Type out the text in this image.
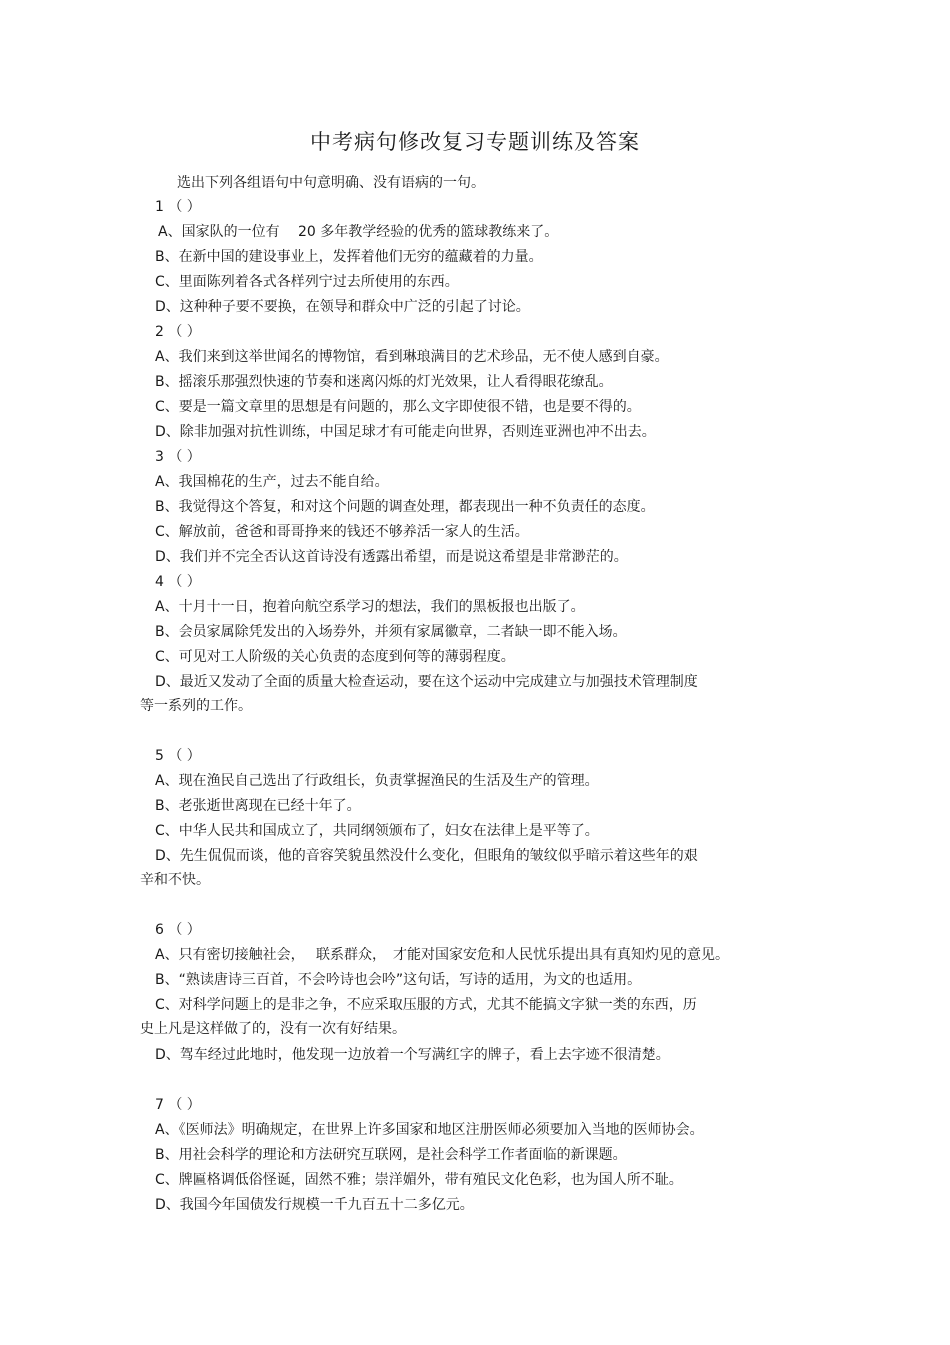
中考病句修改复习专题训练及答案
选出下列各组语句中句意明确、没有语病的一句。
1 （ ）
A、国家队的一位有　 20 多年教学经验的优秀的篮球教练来了。
B、在新中国的建设事业上，发挥着他们无穷的蕴藏着的力量。
C、里面陈列着各式各样列宁过去所使用的东西。
D、这种种子要不要换，在领导和群众中广泛的引起了讨论。
2 （ ）
A、我们来到这举世闻名的博物馆，看到琳琅满目的艺术珍品，无不使人感到自豪。
B、摇滚乐那强烈快速的节奏和迷离闪烁的灯光效果，让人看得眼花缭乱。
C、要是一篇文章里的思想是有问题的，那么文字即使很不错，也是要不得的。
D、除非加强对抗性训练，中国足球才有可能走向世界，否则连亚洲也冲不出去。
3 （ ）
A、我国棉花的生产，过去不能自给。
B、我觉得这个答复，和对这个问题的调查处理，都表现出一种不负责任的态度。
C、解放前，爸爸和哥哥挣来的钱还不够养活一家人的生活。
D、我们并不完全否认这首诗没有透露出希望，而是说这希望是非常渺茫的。
4 （ ）
A、十月十一日，抱着向航空系学习的想法，我们的黑板报也出版了。
B、会员家属除凭发出的入场券外，并须有家属徽章，二者缺一即不能入场。
C、可见对工人阶级的关心负责的态度到何等的薄弱程度。
D、最近又发动了全面的质量大检查运动，要在这个运动中完成建立与加强技术管理制度
等一系列的工作。
5 （ ）
A、现在渔民自己选出了行政组长，负责掌握渔民的生活及生产的管理。
B、老张逝世离现在已经十年了。
C、中华人民共和国成立了，共同纲领颁布了，妇女在法律上是平等了。
D、先生侃侃而谈，他的音容笑貌虽然没什么变化，但眼角的皱纹似乎暗示着这些年的艰
辛和不快。
6 （ ）
A、只有密切接触社会，　 联系群众，　才能对国家安危和人民忧乐提出具有真知灼见的意见。
B、“熟读唐诗三百首，不会吟诗也会吟”这句话，写诗的适用，为文的也适用。
C、对科学问题上的是非之争，不应采取压服的方式，尤其不能搞文字狱一类的东西，历
史上凡是这样做了的，没有一次有好结果。
D、驾车经过此地时，他发现一边放着一个写满红字的牌子，看上去字迹不很清楚。
7 （ ）
A、《医师法》明确规定，在世界上许多国家和地区注册医师必须要加入当地的医师协会。
B、用社会科学的理论和方法研究互联网，是社会科学工作者面临的新课题。
C、牌匾格调低俗怪诞，固然不雅；崇洋媚外，带有殖民文化色彩，也为国人所不耻。
D、我国今年国债发行规模一千九百五十二多亿元。
